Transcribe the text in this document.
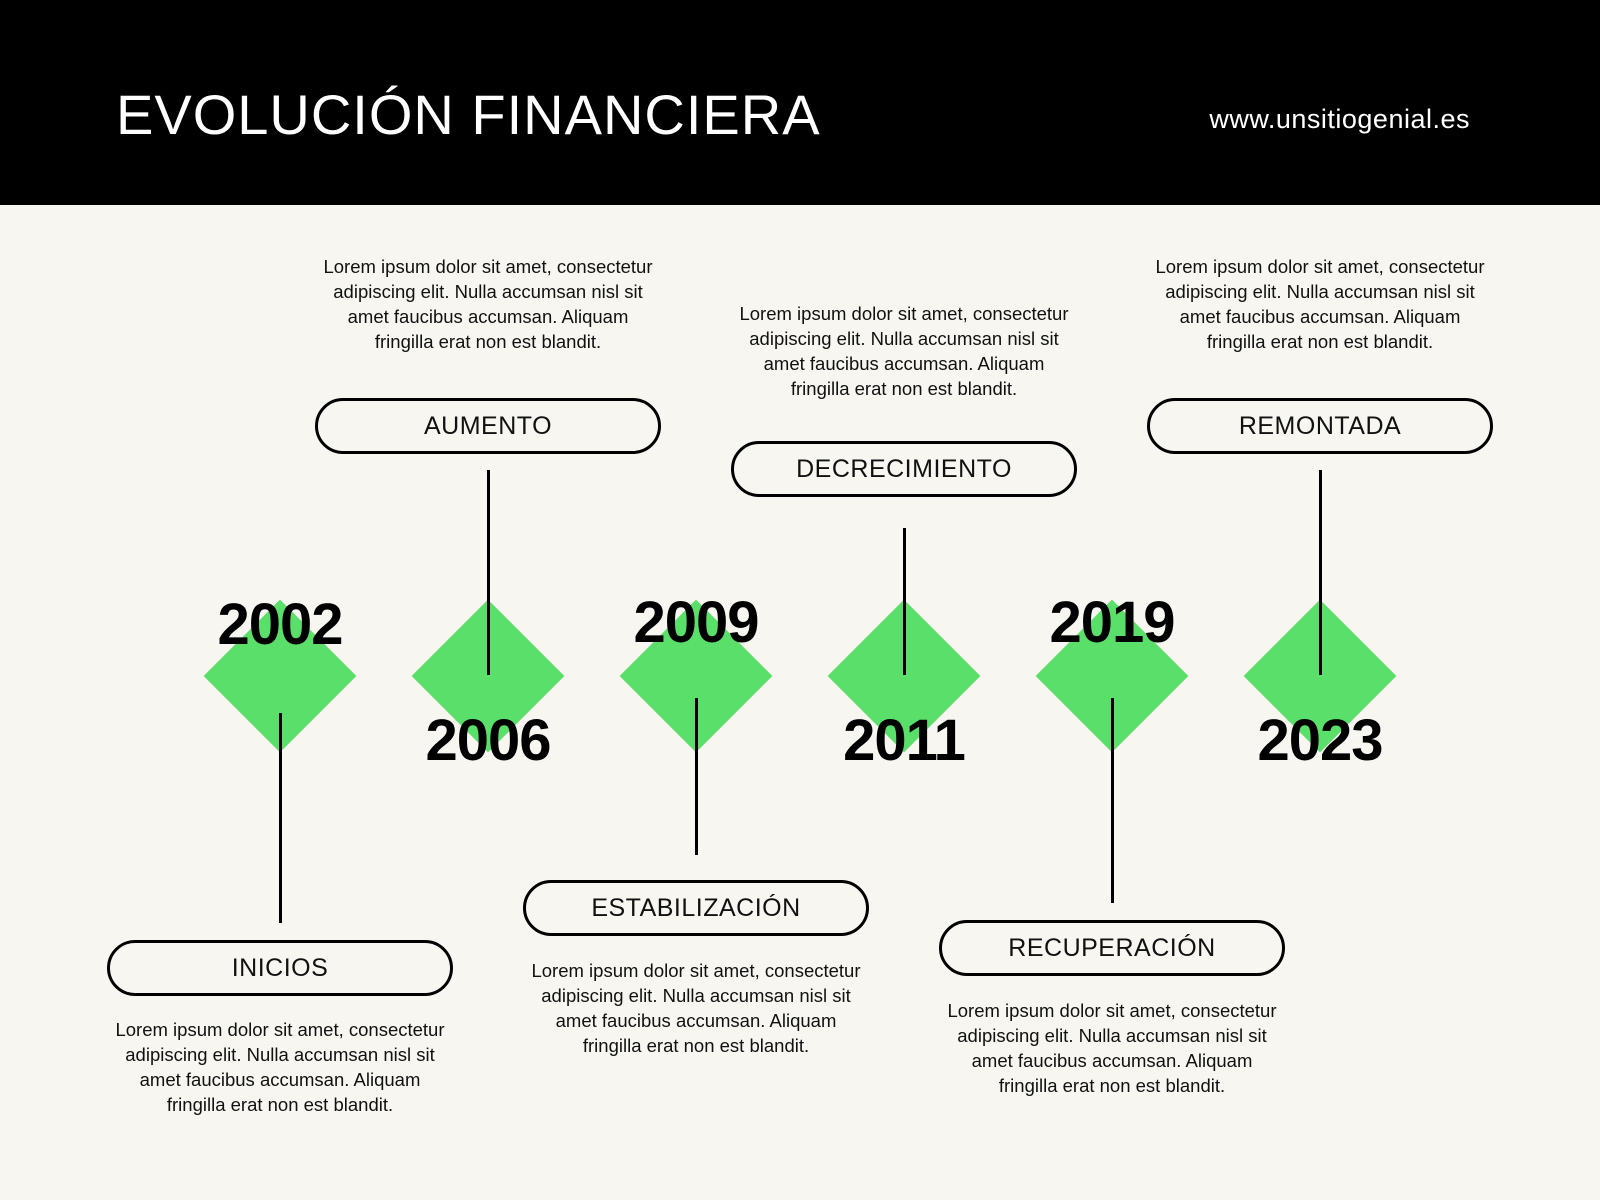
EVOLUCIÓN FINANCIERA	www.unsitiogenial.es
2002
INICIOS
Lorem ipsum dolor sit amet, consectetur adipiscing elit. Nulla accumsan nisl sit amet faucibus accumsan. Aliquam fringilla erat non est blandit.
2006
AUMENTO
Lorem ipsum dolor sit amet, consectetur adipiscing elit. Nulla accumsan nisl sit amet faucibus accumsan. Aliquam fringilla erat non est blandit.
2009
ESTABILIZACIÓN
Lorem ipsum dolor sit amet, consectetur adipiscing elit. Nulla accumsan nisl sit amet faucibus accumsan. Aliquam fringilla erat non est blandit.
2011
DECRECIMIENTO
Lorem ipsum dolor sit amet, consectetur adipiscing elit. Nulla accumsan nisl sit amet faucibus accumsan. Aliquam fringilla erat non est blandit.
2019
RECUPERACIÓN
Lorem ipsum dolor sit amet, consectetur adipiscing elit. Nulla accumsan nisl sit amet faucibus accumsan. Aliquam fringilla erat non est blandit.
2023
REMONTADA
Lorem ipsum dolor sit amet, consectetur adipiscing elit. Nulla accumsan nisl sit amet faucibus accumsan. Aliquam fringilla erat non est blandit.
